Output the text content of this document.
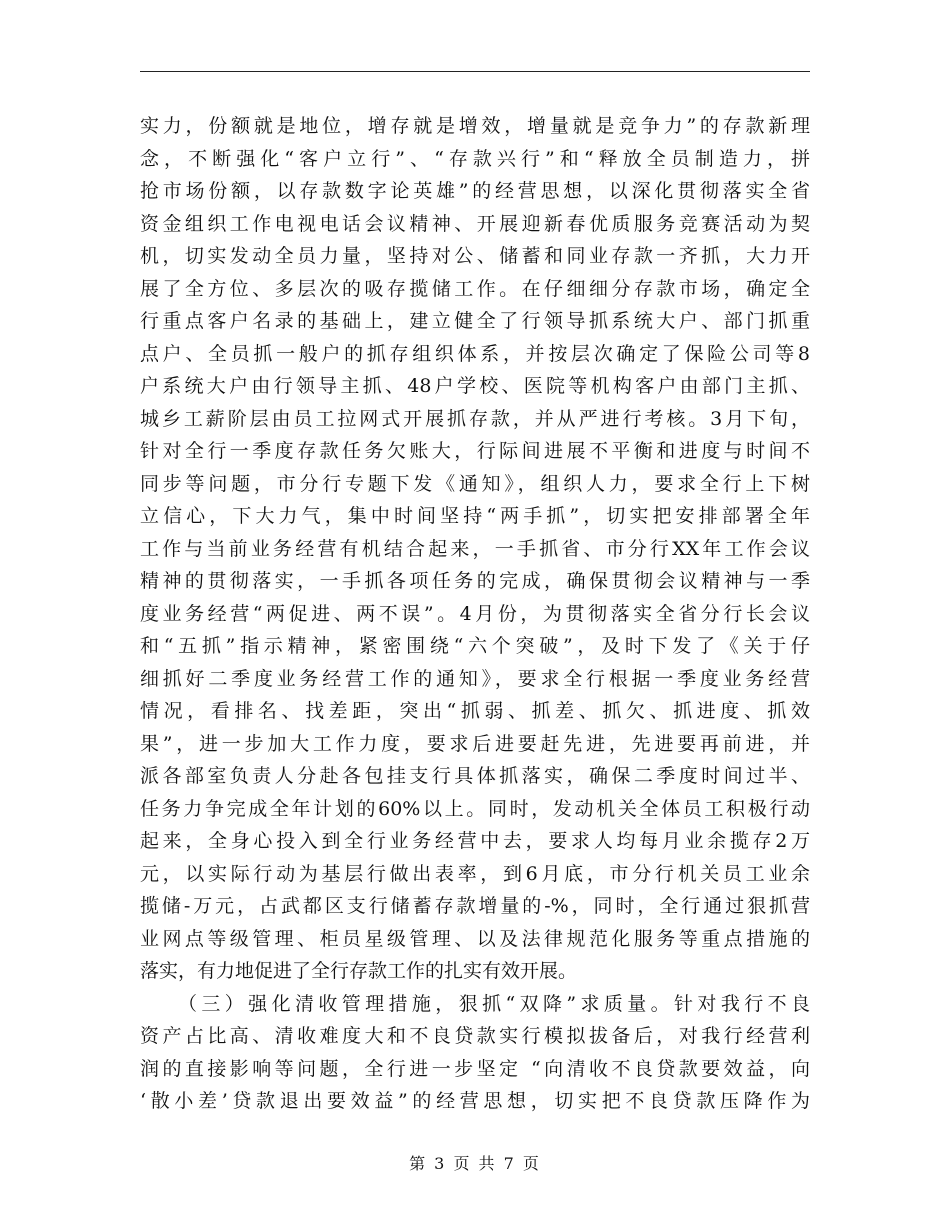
实力，份额就是地位，增存就是增效，增量就是竞争力”的存款新理
念，不断强化“客户立行”、“存款兴行”和“释放全员制造力，拼
抢市场份额，以存款数字论英雄”的经营思想，以深化贯彻落实全省
资金组织工作电视电话会议精神、开展迎新春优质服务竞赛活动为契
机，切实发动全员力量，坚持对公、储蓄和同业存款一齐抓，大力开
展了全方位、多层次的吸存揽储工作。在仔细细分存款市场，确定全
行重点客户名录的基础上，建立健全了行领导抓系统大户、部门抓重
点户、全员抓一般户的抓存组织体系，并按层次确定了保险公司等8
户系统大户由行领导主抓、48户学校、医院等机构客户由部门主抓、
城乡工薪阶层由员工拉网式开展抓存款，并从严进行考核。3月下旬，
针对全行一季度存款任务欠账大，行际间进展不平衡和进度与时间不
同步等问题，市分行专题下发《通知》，组织人力，要求全行上下树
立信心，下大力气，集中时间坚持“两手抓”，切实把安排部署全年
工作与当前业务经营有机结合起来，一手抓省、市分行XX年工作会议
精神的贯彻落实，一手抓各项任务的完成，确保贯彻会议精神与一季
度业务经营“两促进、两不误”。4月份，为贯彻落实全省分行长会议
和“五抓”指示精神，紧密围绕“六个突破”，及时下发了《关于仔
细抓好二季度业务经营工作的通知》，要求全行根据一季度业务经营
情况，看排名、找差距，突出“抓弱、抓差、抓欠、抓进度、抓效
果”，进一步加大工作力度，要求后进要赶先进，先进要再前进，并
派各部室负责人分赴各包挂支行具体抓落实，确保二季度时间过半、
任务力争完成全年计划的60%以上。同时，发动机关全体员工积极行动
起来，全身心投入到全行业务经营中去，要求人均每月业余揽存2万
元，以实际行动为基层行做出表率，到6月底，市分行机关员工业余
揽储-万元，占武都区支行储蓄存款增量的-%，同时，全行通过狠抓营
业网点等级管理、柜员星级管理、以及法律规范化服务等重点措施的
落实，有力地促进了全行存款工作的扎实有效开展。
（三）强化清收管理措施，狠抓“双降”求质量。针对我行不良
资产占比高、清收难度大和不良贷款实行模拟拔备后，对我行经营利
润的直接影响等问题，全行进一步坚定 “向清收不良贷款要效益，向
‘散小差’贷款退出要效益”的经营思想，切实把不良贷款压降作为
第 3 页 共 7 页
